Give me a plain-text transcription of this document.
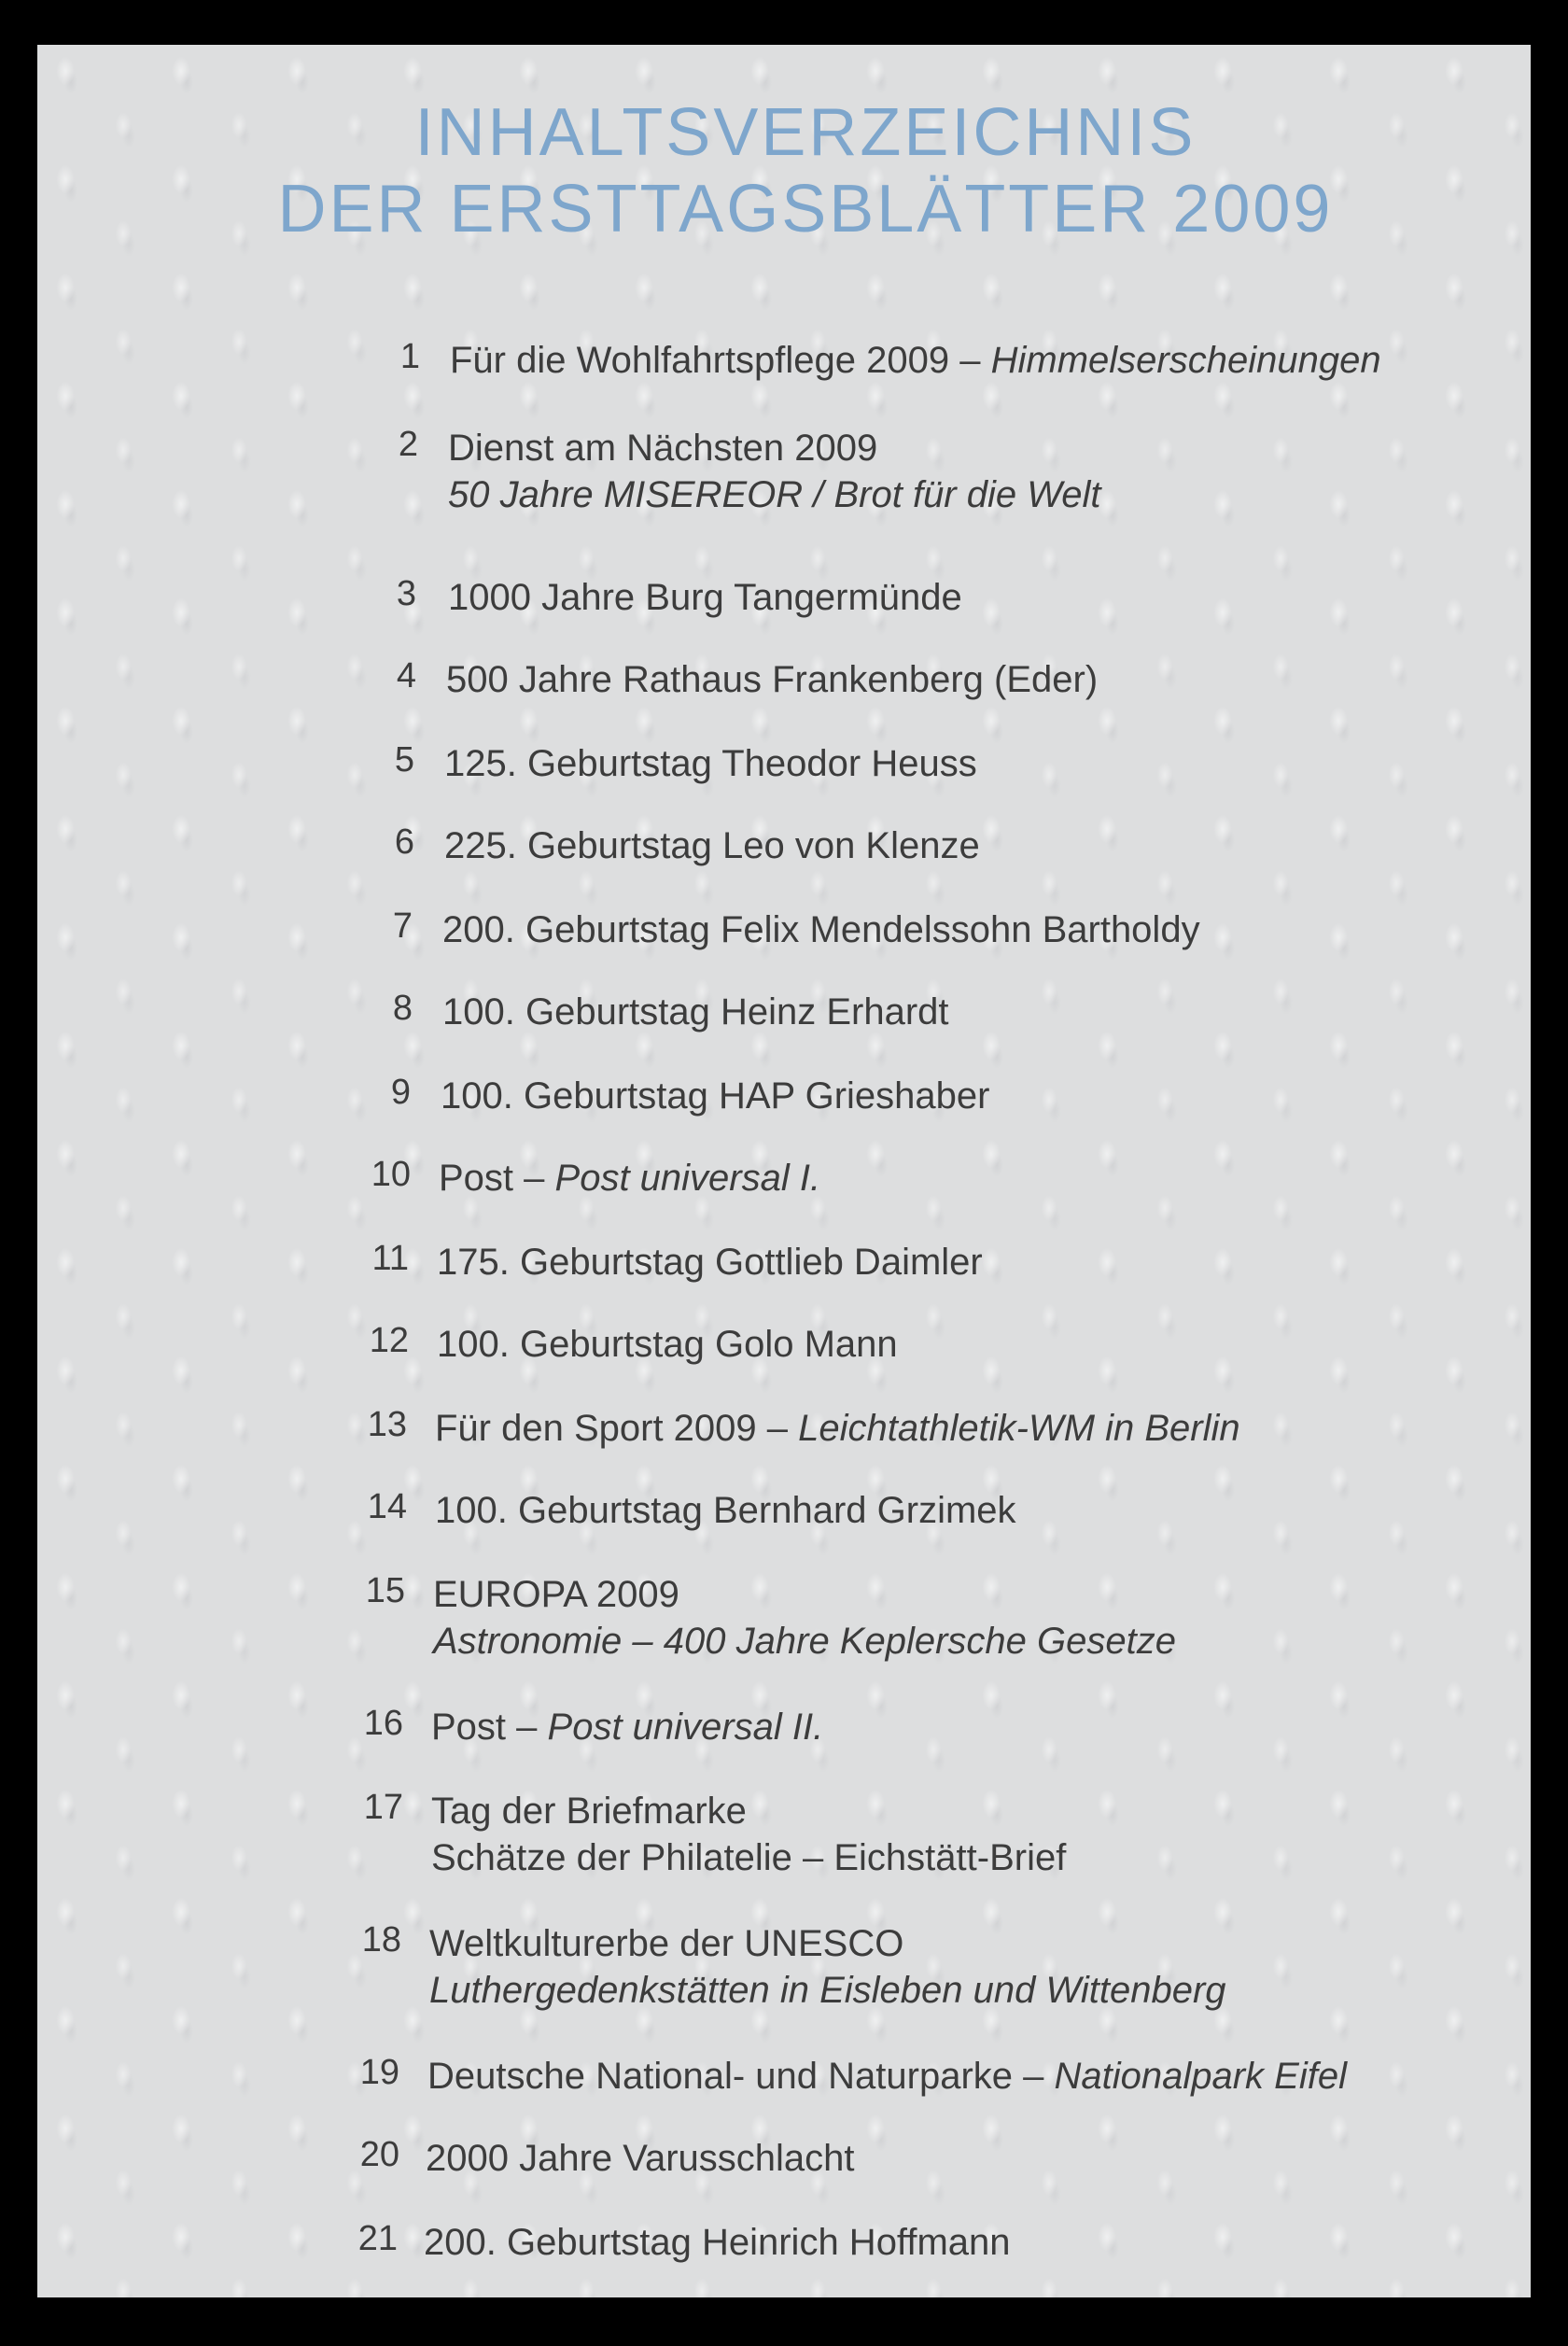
INHALTSVERZEICHNIS
DER ERSTTAGSBLÄTTER 2009
1 Für die Wohlfahrtspflege 2009 – Himmelserscheinungen
2 Dienst am Nächsten 2009
50 Jahre MISEREOR / Brot für die Welt
3 1000 Jahre Burg Tangermünde
4 500 Jahre Rathaus Frankenberg (Eder)
5 125. Geburtstag Theodor Heuss
6 225. Geburtstag Leo von Klenze
7 200. Geburtstag Felix Mendelssohn Bartholdy
8 100. Geburtstag Heinz Erhardt
9 100. Geburtstag HAP Grieshaber
10 Post – Post universal I.
11 175. Geburtstag Gottlieb Daimler
12 100. Geburtstag Golo Mann
13 Für den Sport 2009 – Leichtathletik-WM in Berlin
14 100. Geburtstag Bernhard Grzimek
15 EUROPA 2009
Astronomie – 400 Jahre Keplersche Gesetze
16 Post – Post universal II.
17 Tag der Briefmarke
Schätze der Philatelie – Eichstätt-Brief
18 Weltkulturerbe der UNESCO
Luthergedenkstätten in Eisleben und Wittenberg
19 Deutsche National- und Naturparke – Nationalpark Eifel
20 2000 Jahre Varusschlacht
21 200. Geburtstag Heinrich Hoffmann
